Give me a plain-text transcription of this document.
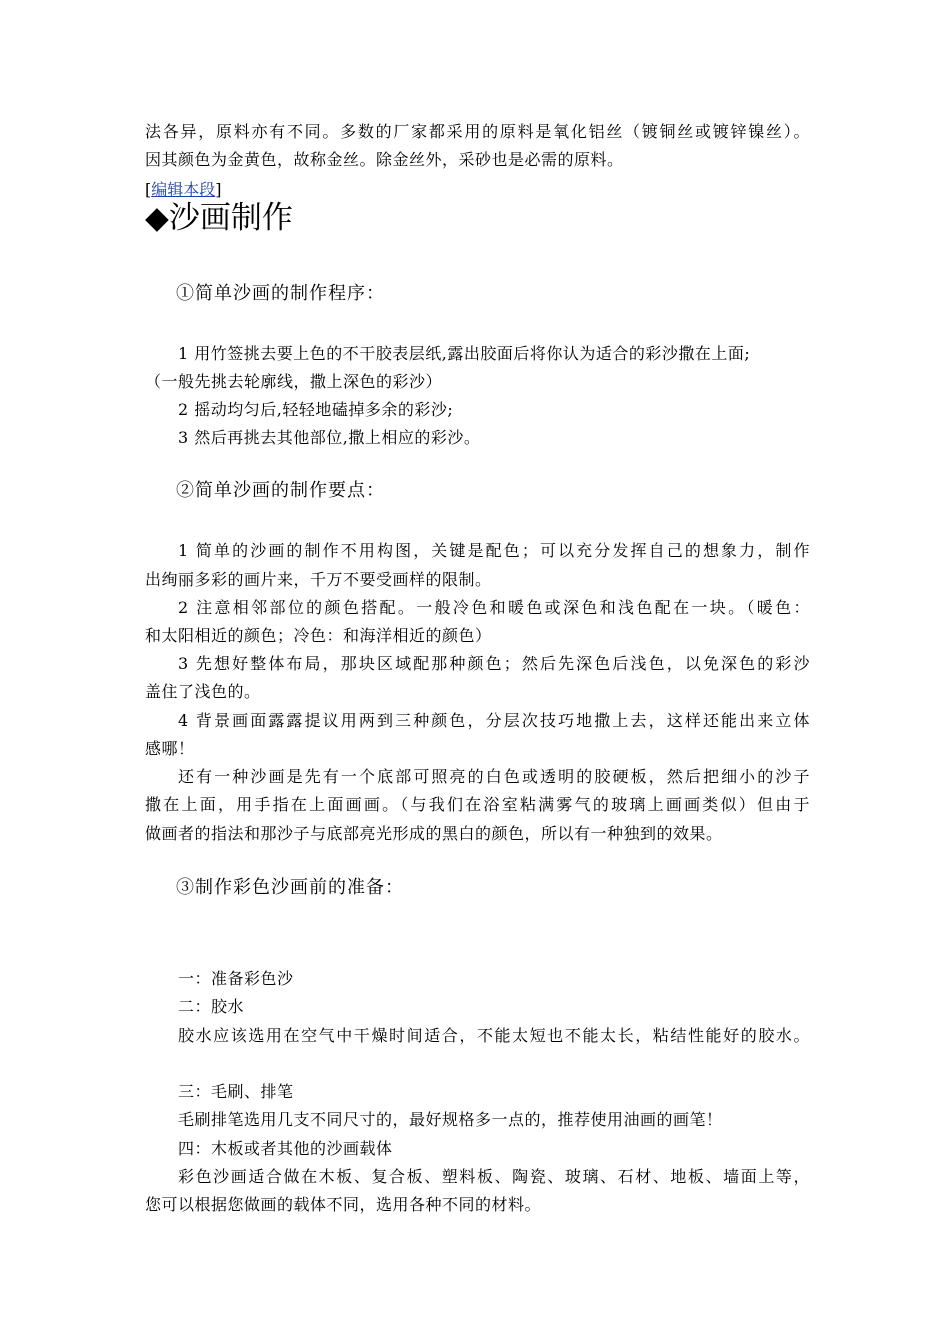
法各异，原料亦有不同。多数的厂家都采用的原料是氧化铝丝（镀铜丝或镀锌镍丝）。
因其颜色为金黄色，故称金丝。除金丝外，采砂也是必需的原料。
[编辑本段]
◆沙画制作
①简单沙画的制作程序：
1 用竹签挑去要上色的不干胶表层纸,露出胶面后将你认为适合的彩沙撒在上面;
（一般先挑去轮廓线，撒上深色的彩沙）
2 摇动均匀后,轻轻地磕掉多余的彩沙;
3 然后再挑去其他部位,撒上相应的彩沙。
②简单沙画的制作要点：
1 简单的沙画的制作不用构图，关键是配色；可以充分发挥自己的想象力，制作
出绚丽多彩的画片来，千万不要受画样的限制。
2 注意相邻部位的颜色搭配。一般冷色和暖色或深色和浅色配在一块。（暖色：
和太阳相近的颜色；冷色：和海洋相近的颜色）
3 先想好整体布局，那块区域配那种颜色；然后先深色后浅色，以免深色的彩沙
盖住了浅色的。
4 背景画面露露提议用两到三种颜色，分层次技巧地撒上去，这样还能出来立体
感哪！
还有一种沙画是先有一个底部可照亮的白色或透明的胶硬板，然后把细小的沙子
撒在上面，用手指在上面画画。（与我们在浴室粘满雾气的玻璃上画画类似）但由于
做画者的指法和那沙子与底部亮光形成的黑白的颜色，所以有一种独到的效果。
③制作彩色沙画前的准备：
一：准备彩色沙
二：胶水
胶水应该选用在空气中干燥时间适合，不能太短也不能太长，粘结性能好的胶水。
三：毛刷、排笔
毛刷排笔选用几支不同尺寸的，最好规格多一点的，推荐使用油画的画笔！
四：木板或者其他的沙画载体
彩色沙画适合做在木板、复合板、塑料板、陶瓷、玻璃、石材、地板、墙面上等，
您可以根据您做画的载体不同，选用各种不同的材料。
